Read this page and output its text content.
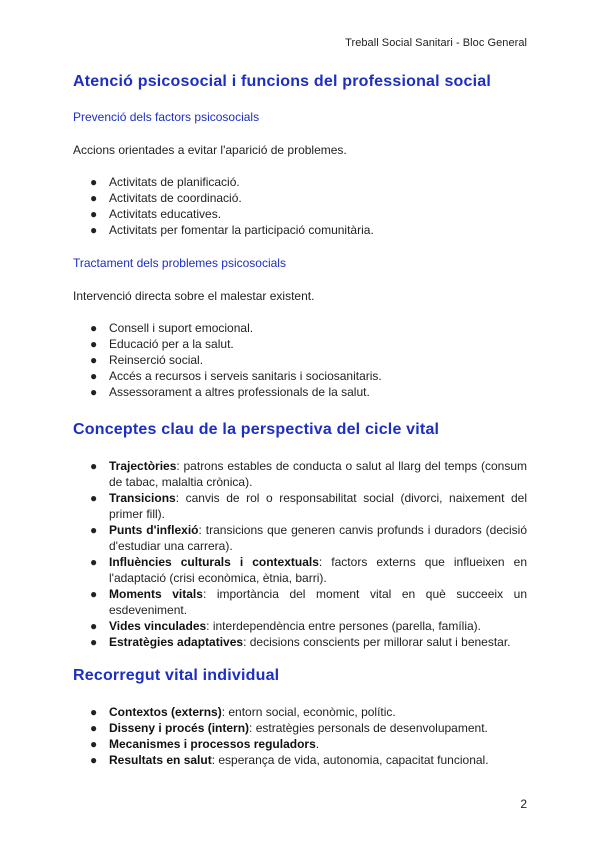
Treball Social Sanitari - Bloc General
Atenció psicosocial i funcions del professional social
Prevenció dels factors psicosocials

Accions orientades a evitar l'aparició de problemes.

● Activitats de planificació.
● Activitats de coordinació.
● Activitats educatives.
● Activitats per fomentar la participació comunitària.
Tractament dels problemes psicosocials

Intervenció directa sobre el malestar existent.

● Consell i suport emocional.
● Educació per a la salut.
● Reinserció social.
● Accés a recursos i serveis sanitaris i sociosanitaris.
● Assessorament a altres professionals de la salut.
Conceptes clau de la perspectiva del cicle vital
● Trajectòries: patrons estables de conducta o salut al llarg del temps (consum de tabac, malaltia crònica).
● Transicions: canvis de rol o responsabilitat social (divorci, naixement del primer fill).
● Punts d'inflexió: transicions que generen canvis profunds i duradors (decisió d'estudiar una carrera).
● Influències culturals i contextuals: factors externs que influeixen en l'adaptació (crisi econòmica, ètnia, barri).
● Moments vitals: importància del moment vital en què succeeix un esdeveniment.
● Vides vinculades: interdependència entre persones (parella, família).
● Estratègies adaptatives: decisions conscients per millorar salut i benestar.
Recorregut vital individual
● Contextos (externs): entorn social, econòmic, polític.
● Disseny i procés (intern): estratègies personals de desenvolupament.
● Mecanismes i processos reguladors.
● Resultats en salut: esperança de vida, autonomia, capacitat funcional.
2
